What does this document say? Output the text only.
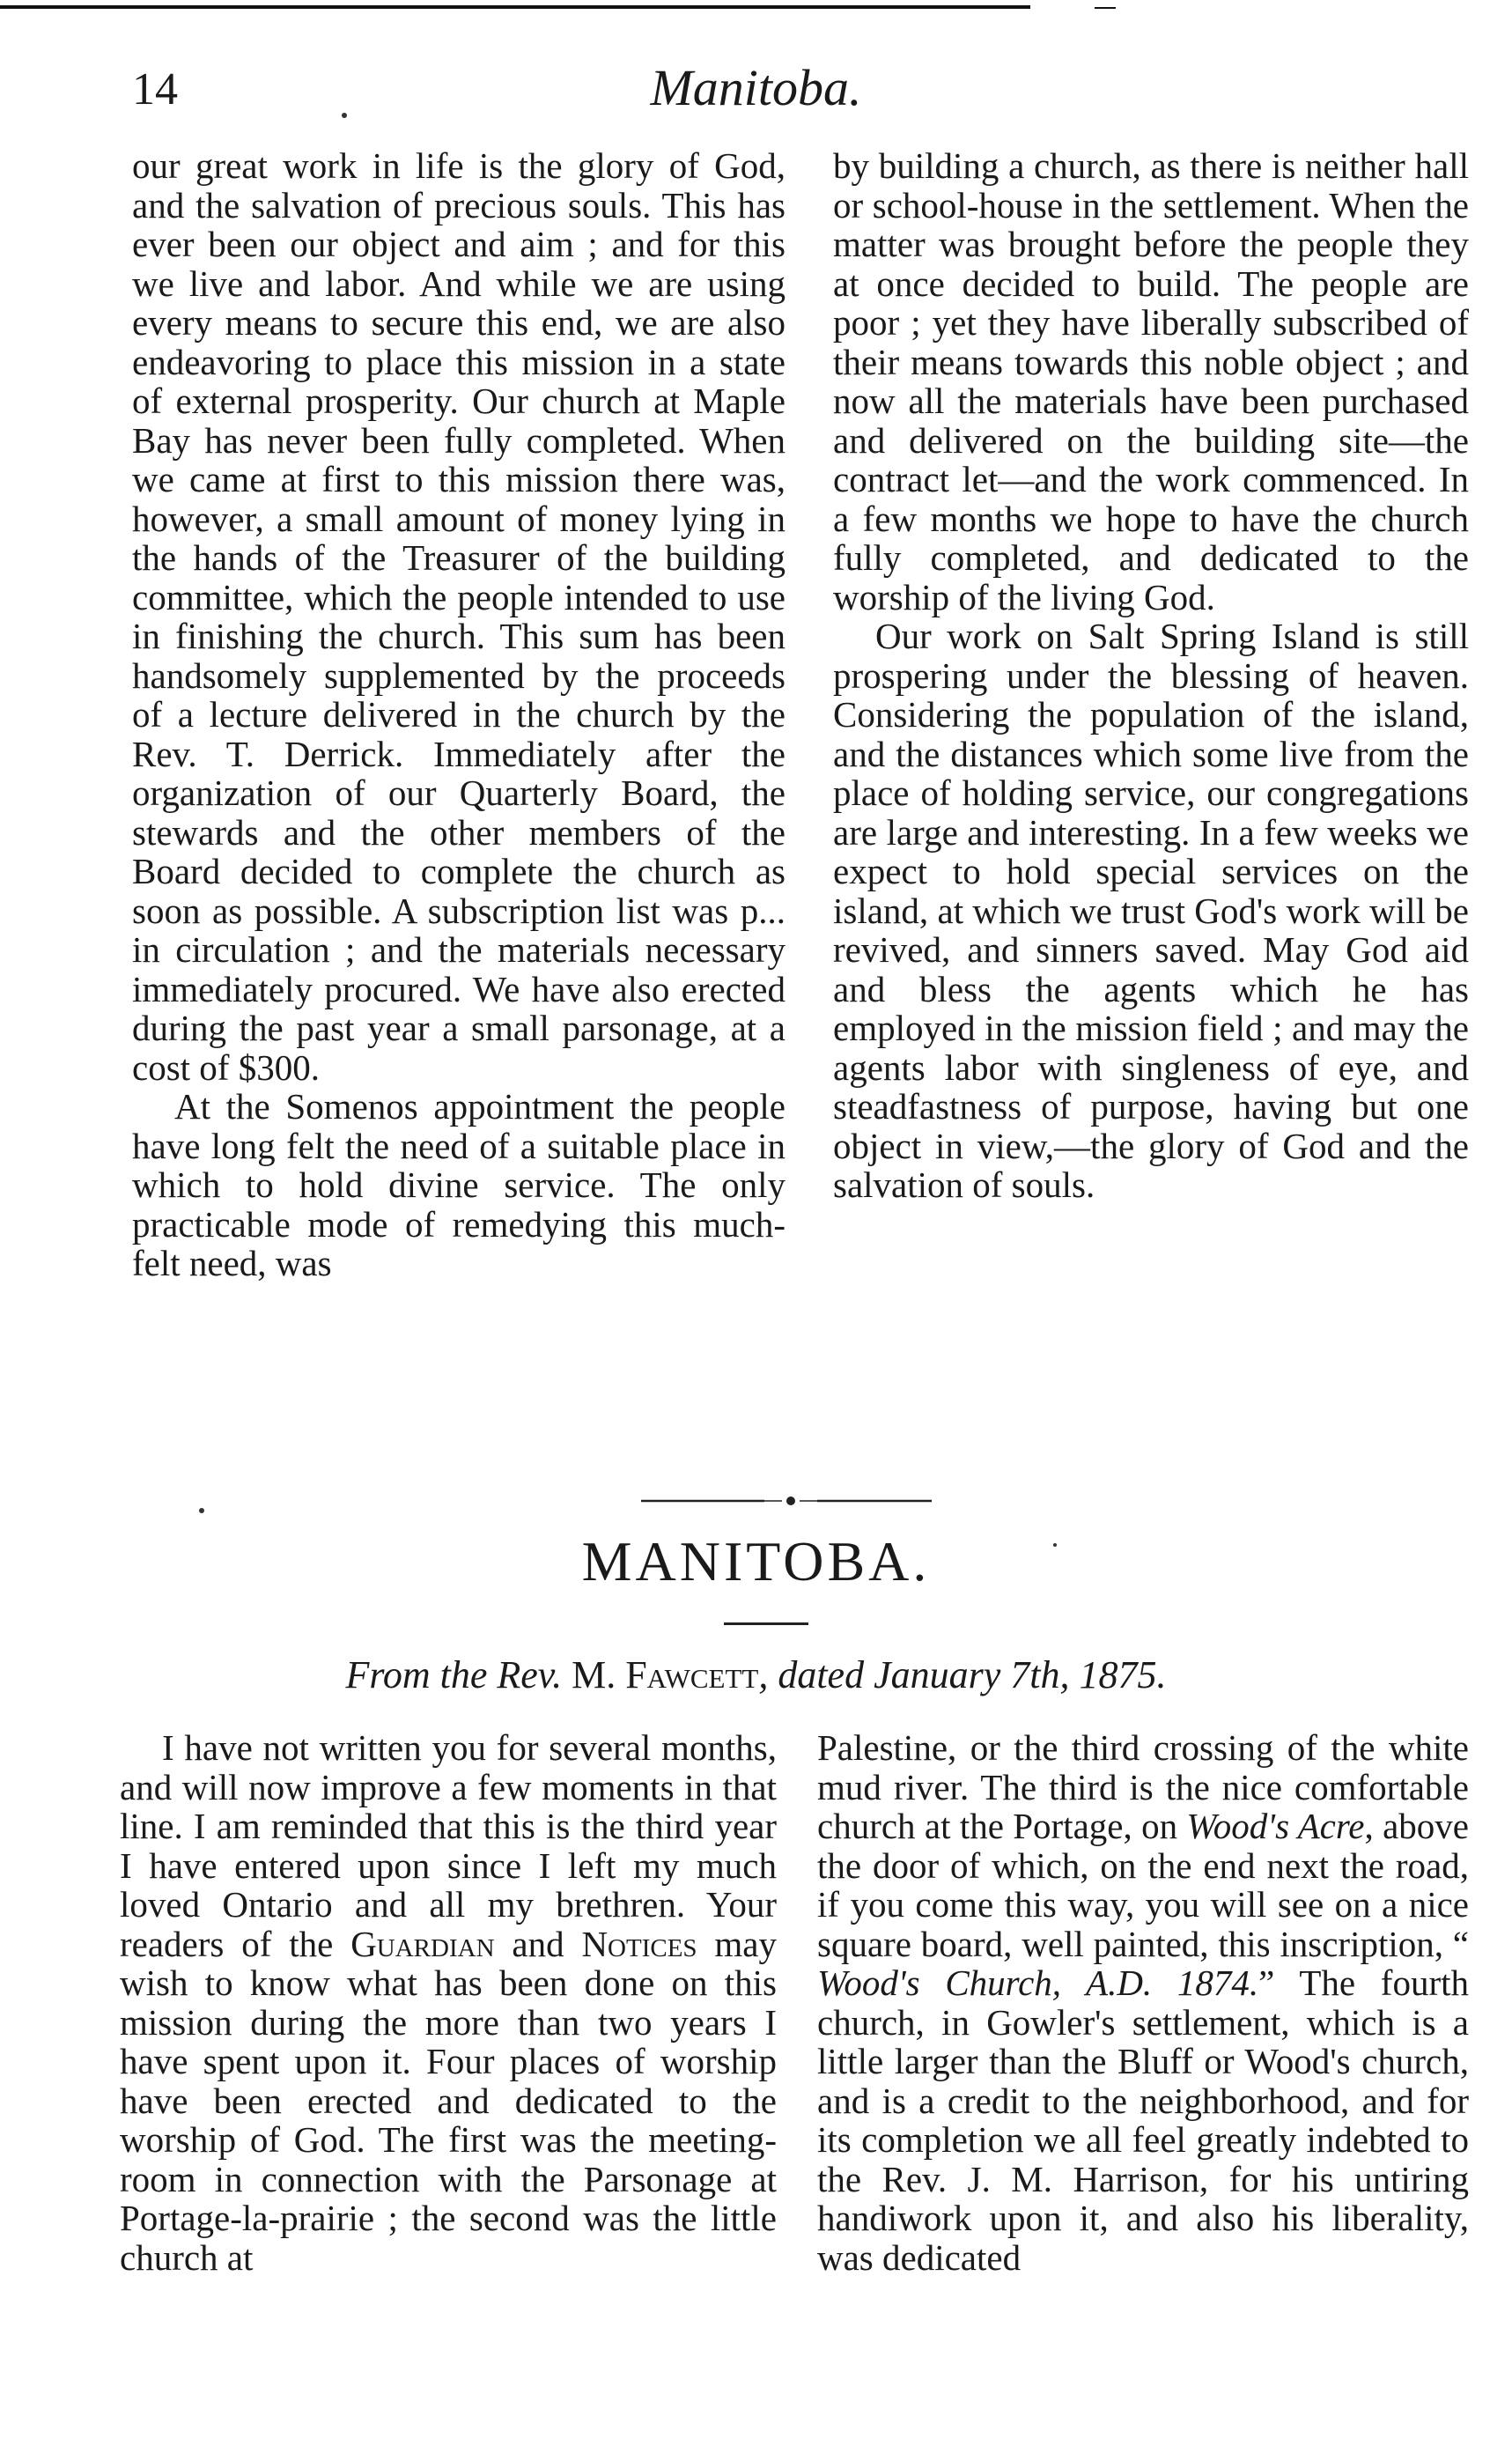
14	Manitoba.

our great work in life is the glory of God, and the salvation of precious souls. This has ever been our object and aim ; and for this we live and labor. And while we are using every means to secure this end, we are also endeavoring to place this mission in a state of external prosperity. Our church at Maple Bay has never been fully completed. When we came at first to this mission there was, however, a small amount of money lying in the hands of the Treasurer of the building committee, which the people intended to use in finishing the church. This sum has been handsomely supplemented by the proceeds of a lecture delivered in the church by the Rev. T. Derrick. Immediately after the organization of our Quarterly Board, the stewards and the other members of the Board decided to complete the church as soon as possible. A subscription list was p... in circulation ; and the materials necessary immediately procured. We have also erected during the past year a small parsonage, at a cost of $300.

At the Somenos appointment the people have long felt the need of a suitable place in which to hold divine service. The only practicable mode of remedying this much-felt need, was

by building a church, as there is neither hall or school-house in the settlement. When the matter was brought before the people they at once decided to build. The people are poor ; yet they have liberally subscribed of their means towards this noble object ; and now all the materials have been purchased and delivered on the building site—the contract let—and the work commenced. In a few months we hope to have the church fully completed, and dedicated to the worship of the living God.

Our work on Salt Spring Island is still prospering under the blessing of heaven. Considering the population of the island, and the distances which some live from the place of holding service, our congregations are large and interesting. In a few weeks we expect to hold special services on the island, at which we trust God's work will be revived, and sinners saved. May God aid and bless the agents which he has employed in the mission field ; and may the agents labor with singleness of eye, and steadfastness of purpose, having but one object in view,—the glory of God and the salvation of souls.

MANITOBA.
From the Rev. M. Fawcett, dated January 7th, 1875.

I have not written you for several months, and will now improve a few moments in that line. I am reminded that this is the third year I have entered upon since I left my much loved Ontario and all my brethren. Your readers of the Guardian and Notices may wish to know what has been done on this mission during the more than two years I have spent upon it. Four places of worship have been erected and dedicated to the worship of God. The first was the meeting-room in connection with the Parsonage at Portage-la-prairie ; the second was the little church at

Palestine, or the third crossing of the white mud river. The third is the nice comfortable church at the Portage, on Wood's Acre, above the door of which, on the end next the road, if you come this way, you will see on a nice square board, well painted, this inscription, “ Wood's Church, A.D. 1874.” The fourth church, in Gowler's settlement, which is a little larger than the Bluff or Wood's church, and is a credit to the neighborhood, and for its completion we all feel greatly indebted to the Rev. J. M. Harrison, for his untiring handiwork upon it, and also his liberality, was dedicated
